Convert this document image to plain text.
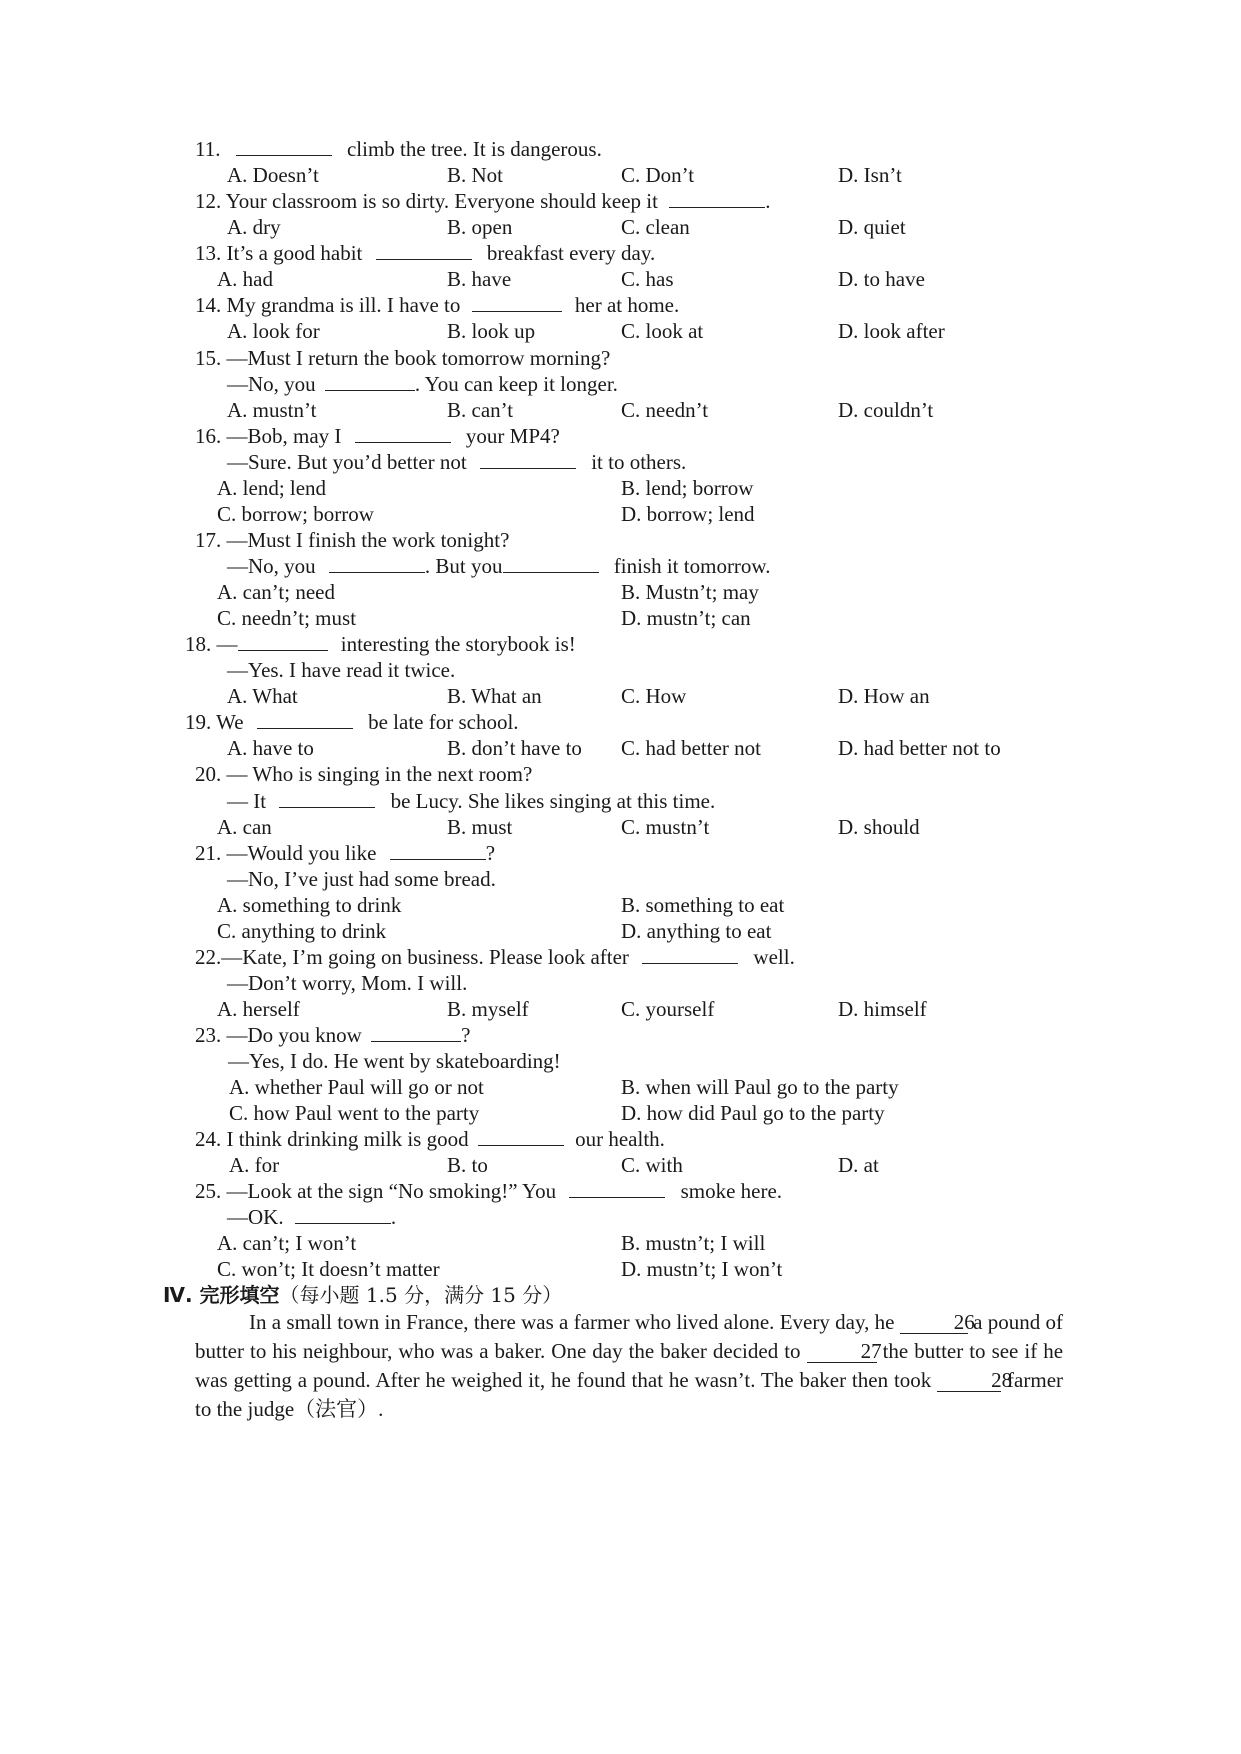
11.	climb the tree. It is dangerous.
A. Doesn’t	B. Not	C. Don’t	D. Isn’t
12. Your classroom is so dirty. Everyone should keep it	.
A. dry	B. open	C. clean	D. quiet
13. It’s a good habit	breakfast every day.
A. had	B. have	C. has	D. to have
14. My grandma is ill. I have to	her at home.
A. look for	B. look up	C. look at	D. look after
15. —Must I return the book tomorrow morning?
—No, you	. You can keep it longer.
A. mustn’t	B. can’t	C. needn’t	D. couldn’t
16. —Bob, may I	your MP4?
—Sure. But you’d better not	it to others.
A. lend; lend	B. lend; borrow
C. borrow; borrow	D. borrow; lend
17. —Must I finish the work tonight?
—No, you	. But you	finish it tomorrow.
A. can’t; need	B. Mustn’t; may
C. needn’t; must	D. mustn’t; can
18. —	interesting the storybook is!
—Yes. I have read it twice.
A. What	B. What an	C. How	D. How an
19. We	be late for school.
A. have to	B. don’t have to C. had better not	D. had better not to
20. — Who is singing in the next room?
— It	be Lucy. She likes singing at this time.
A. can	B. must	C. mustn’t	D. should
21. —Would you like	?
—No, I’ve just had some bread.
A. something to drink	B. something to eat
C. anything to drink	D. anything to eat
22.—Kate, I’m going on business. Please look after	well.
—Don’t worry, Mom. I will.
A. herself	B. myself	C. yourself	D. himself
23. —Do you know	?
—Yes, I do. He went by skateboarding!
A. whether Paul will go or not	B. when will Paul go to the party
C. how Paul went to the party	D. how did Paul go to the party
24. I think drinking milk is good	our health.
A. for	B. to	C. with	D. at
25. —Look at the sign “No smoking!” You	smoke here.
—OK.	.
A. can’t; I won’t	B. mustn’t; I will
C. won’t; It doesn’t matter	D. mustn’t; I won’t
Ⅳ. 完形填空（每小题 1.5 分，满分 15 分）
In a small town in France, there was a farmer who lived alone. Every day, he	26 a pound of butter to his neighbour, who was a baker. One day the baker decided to	27 the butter to see if he was getting a pound. After he weighed it, he found that he wasn’t. The baker then took	28 farmer to the judge（法官）.
